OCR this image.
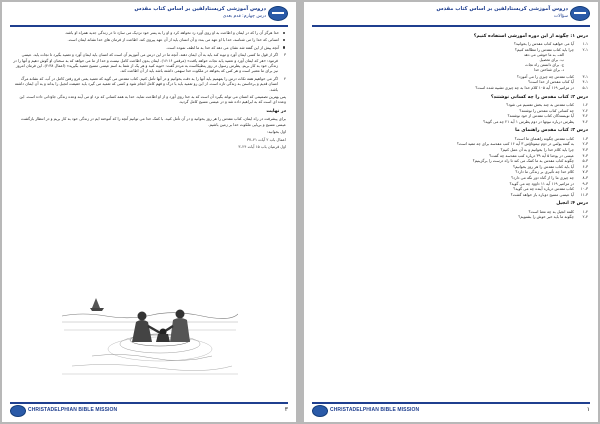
دروس آموزشی کریستادلفین بر اساس کتاب مقدس
درس چهارم: قدم بعدی

خدا هرگز آن را که در ایمان و اطاعت به او روی آورد رد نخواهد کرد و او را به پسر خود نزدیک می سازد تا در زندگی جدید همراه او باشد.

انسانی که خدا را می شناسد، خدا با او عهد می بندد و آن انسان باید از آن عهد پیروی کند. اطاعت از فرمان های خدا نشانه ایمان است.

آنچه پیش از این گفته شد نشان می دهد که خدا به ما لطف نموده است.

۳
اگر از قول ما کسی ایمان آورد و توبه کند باید به آن ایمان دهند. آنچه ما در این درس می آموزیم آن است که انسان باید ایمان آورد و تعمید بگیرد تا نجات یابد. عیسی فرمود: «هر که ایمان آورد و تعمید یابد نجات خواهد یافت» (مرقس ۱۶:۱۶). ایمان بدون اطاعت کامل نیست و خدا از ما می خواهد که به سخنان او گوش دهیم و آنها را در زندگی خود به کار بریم. پطرس رسول در روز پنطیکاست به مردم گفت: «توبه کنید و هر یک از شما به اسم عیسی مسیح تعمید بگیرید» (اعمال ۲:۳۸). این فرمان امروز نیز برای ما معتبر است و هر کس که بخواهد در ملکوت خدا سهمی داشته باشد باید از آن اطاعت کند.

۴
اگر می خواهیم همه نکات درس را بفهمیم باید آنها را به دقت بخوانیم و در آنها تأمل کنیم. کتاب مقدس می گوید که تعمید یعنی فرو رفتن کامل در آب، که نشانه مرگ انسان قدیم و برخاستن به زندگی تازه است. از این رو تعمید باید با درک و فهم کامل انجام شود و کسی که تعمید می گیرد باید حقیقت انجیل را بداند و به آن ایمان داشته باشد.

پس بهترین تصمیمی که انسان می تواند بگیرد آن است که به خدا روی آورد و از او اطاعت نماید. خدا به همه کسانی که نزد او می آیند وعده زندگی جاودانی داده است. این وعده ای است که به ابراهیم داده شد و در عیسی مسیح کامل گردید.

در نهایت

برای پیشرفت در راه ایمان، کتاب مقدس را هر روز بخوانید و در آن تأمل کنید. با کمک خدا می توانیم آنچه را که آموخته ایم در زندگی خود به کار بریم و در انتظار بازگشت عیسی مسیح و برپایی ملکوت خدا بر زمین باشیم.

اول بخوانید:

اعمال باب ۲ آیات ۴۱–۳۷

اول قرنتیان باب ۱۵ آیات ۲۴–۳

CHRISTADELPHIAN BIBLE MISSION	۳
دروس آموزشی کریستادلفین بر اساس کتاب مقدس
سؤالات
درس ۱: چگونه از این دوره آموزشی استفاده کنیم؟
۱-۱
آیا می خواهید کتاب مقدس را بخوانید؟
۲-۱
چرا باید کتاب مقدس را مطالعه کنیم؟
الف. به ما خوشی می دهد
ب. برای تحصیل
ج. برای دانستن راه نجات
د. برای شناختن خدا
۳-۱
کتاب مقدس چه چیزی را می آموزد؟
۴-۱
آیا کتاب مقدس از خدا است؟
۵-۱
در مزامیر ۱۱۹ آیه ۱۰۵ کلام خدا به چه چیزی تشبیه شده است؟
درس ۲: کتاب مقدس را چه کسانی نوشتند؟
۱-۲
کتاب مقدس به چند بخش تقسیم می شود؟
۲-۲
چه کسانی کتاب مقدس را نوشتند؟
۳-۲
آیا نویسندگان کتاب مقدس از خود نوشتند؟
۴-۲
پطرس درباره نبوتها در دوم پطرس ۱ آیه ۲۱ چه می گوید؟
درس ۳: کتاب مقدس راهنمای ما
۱-۳
کتاب مقدس چگونه راهنمای ما است؟
۲-۳
به گفته پولس در دوم تیموتاؤس ۳ آیه ۱۶ کتب مقدسه برای چه مفید است؟
۳-۳
چرا باید کلام خدا را بخوانیم و به آن عمل کنیم؟
۴-۳
عیسی در یوحنا ۵ آیه ۳۹ درباره کتب مقدسه چه گفت؟
۵-۳
چگونه کتاب مقدس به ما کمک می کند تا راه درست را برگزینیم؟
۶-۳
آیا باید کتاب مقدس را هر روز بخوانیم؟
۷-۳
کلام خدا چه تأثیری بر زندگی ما دارد؟
۸-۳
چه چیزی ما را از گناه دور نگه می دارد؟
۹-۳
در مزامیر ۱۱۹ آیه ۱۱ داوود چه می گوید؟
۱۰-۳
کتاب مقدس درباره آینده چه می گوید؟
۱۱-۳
آیا عیسی مسیح دوباره باز خواهد گشت؟
درس ۴: انجیل
۱-۴
کلمه انجیل به چه معنا است؟
۲-۴
چگونه ما باید خبر خوش را بشنویم؟
CHRISTADELPHIAN BIBLE MISSION	۱
